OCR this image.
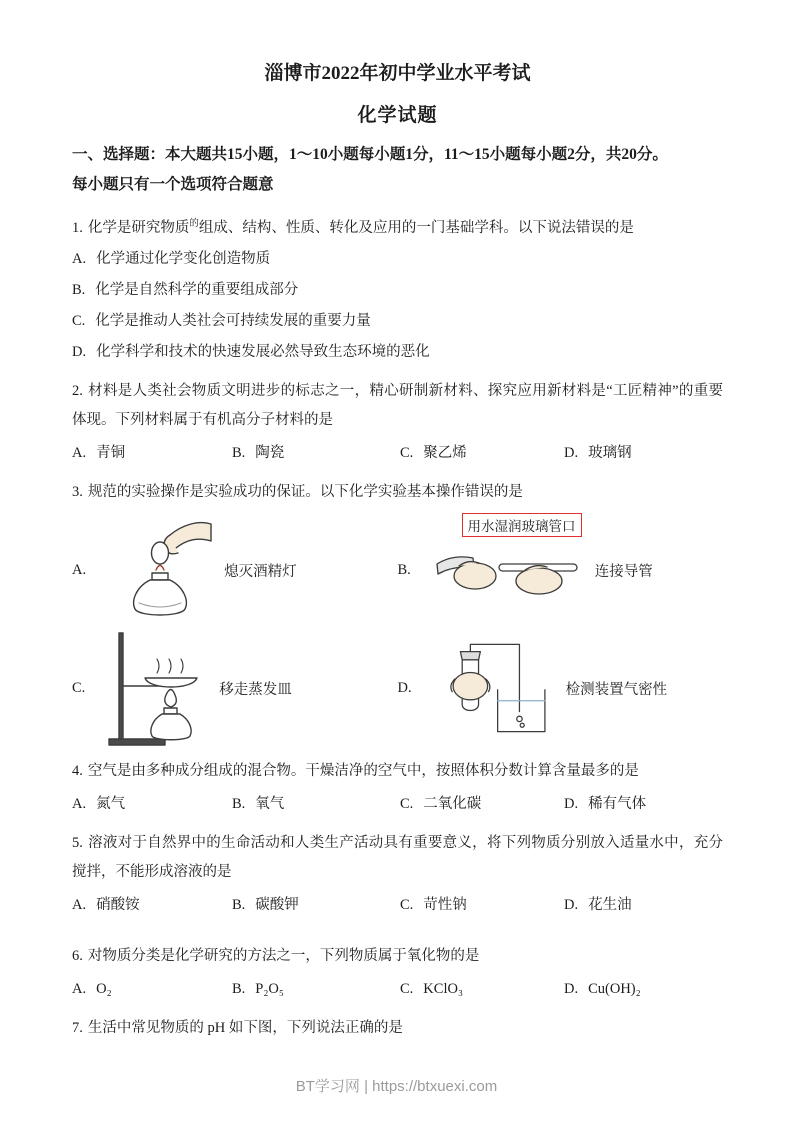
淄博市2022年初中学业水平考试
化学试题
一、选择题：本大题共15小题，1～10小题每小题1分，11～15小题每小题2分，共20分。
每小题只有一个选项符合题意

1. 化学是研究物质$^的$组成、结构、性质、转化及应用的一门基础学科。以下说法错误的是

A. 化学通过化学变化创造物质

B. 化学是自然科学的重要组成部分

C. 化学是推动人类社会可持续发展的重要力量

D. 化学科学和技术的快速发展必然导致生态环境的恶化

2. 材料是人类社会物质文明进步的标志之一，精心研制新材料、探究应用新材料是“工匠精神”的重要体现。下列材料属于有机高分子材料的是

A. 青铜	B. 陶瓷	C. 聚乙烯	D. 玻璃钢

3. 规范的实验操作是实验成功的保证。以下化学实验基本操作错误的是

A.	熄灭酒精灯
用水湿润玻璃管口
B.	连接导管
C.	移走蒸发皿	D.	检测装置气密性

4. 空气是由多种成分组成的混合物。干燥洁净的空气中，按照体积分数计算含量最多的是

A. 氮气	B. 氧气	C. 二氧化碳	D. 稀有气体

5. 溶液对于自然界中的生命活动和人类生产活动具有重要意义，将下列物质分别放入适量水中，充分搅拌，不能形成溶液的是

A. 硝酸铵	B. 碳酸钾	C. 苛性钠	D. 花生油

6. 对物质分类是化学研究的方法之一，下列物质属于氧化物的是

A. O₂	B. P₂O₅	C. KClO₃	D. Cu(OH)₂

7. 生活中常见物质的 pH 如下图，下列说法正确的是

BT学习网 | https://btxuexi.com
